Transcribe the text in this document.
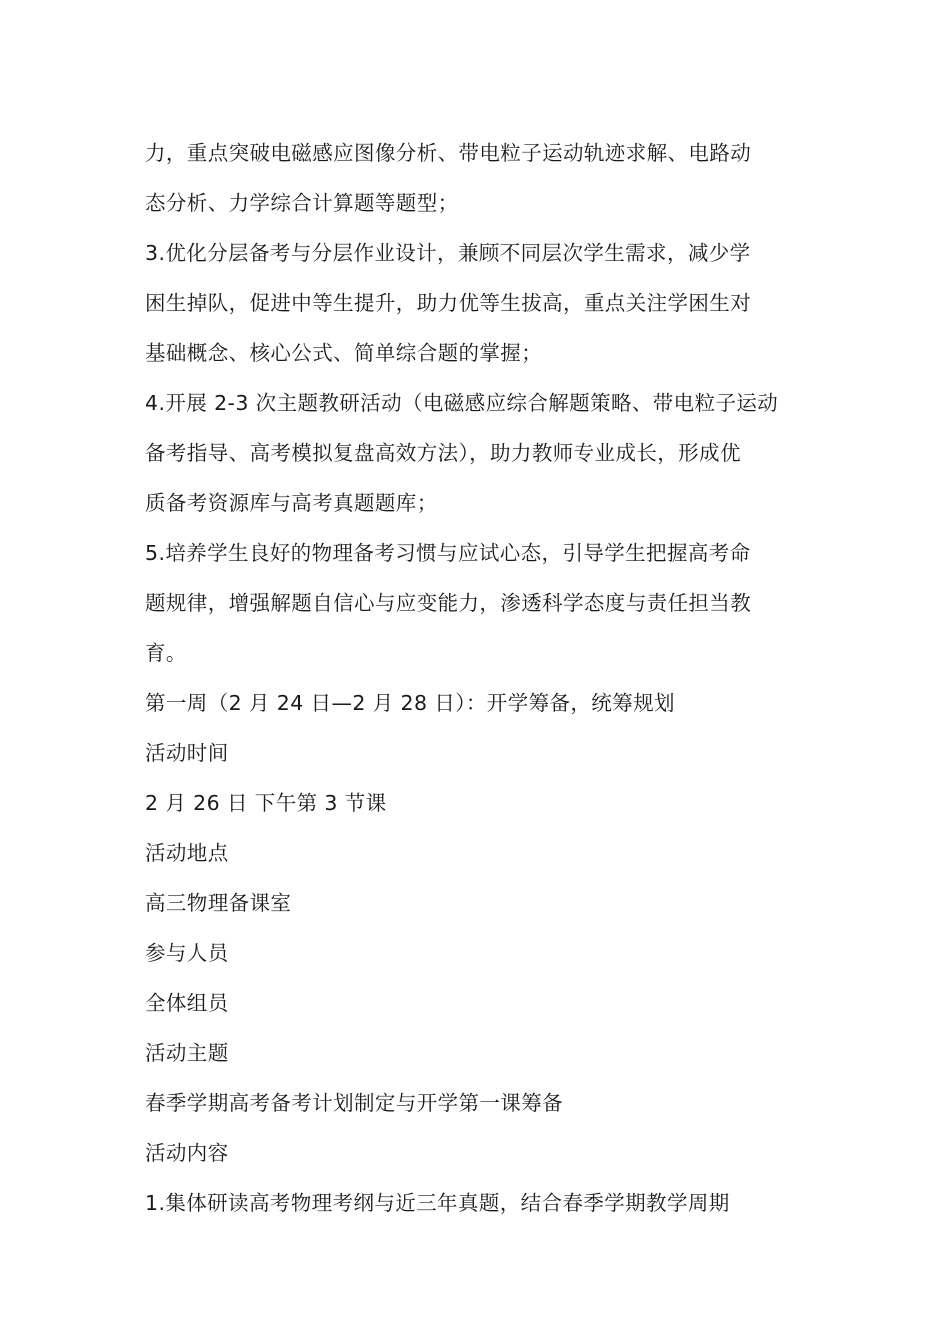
力，重点突破电磁感应图像分析、带电粒子运动轨迹求解、电路动
态分析、力学综合计算题等题型；

3.优化分层备考与分层作业设计，兼顾不同层次学生需求，减少学
困生掉队，促进中等生提升，助力优等生拔高，重点关注学困生对
基础概念、核心公式、简单综合题的掌握；

4.开展 2-3 次主题教研活动（电磁感应综合解题策略、带电粒子运动
备考指导、高考模拟复盘高效方法），助力教师专业成长，形成优
质备考资源库与高考真题题库；

5.培养学生良好的物理备考习惯与应试心态，引导学生把握高考命
题规律，增强解题自信心与应变能力，渗透科学态度与责任担当教
育。

第一周（2 月 24 日—2 月 28 日）：开学筹备，统筹规划

活动时间

2 月 26 日 下午第 3 节课

活动地点

高三物理备课室

参与人员

全体组员

活动主题

春季学期高考备考计划制定与开学第一课筹备

活动内容

1.集体研读高考物理考纲与近三年真题，结合春季学期教学周期
